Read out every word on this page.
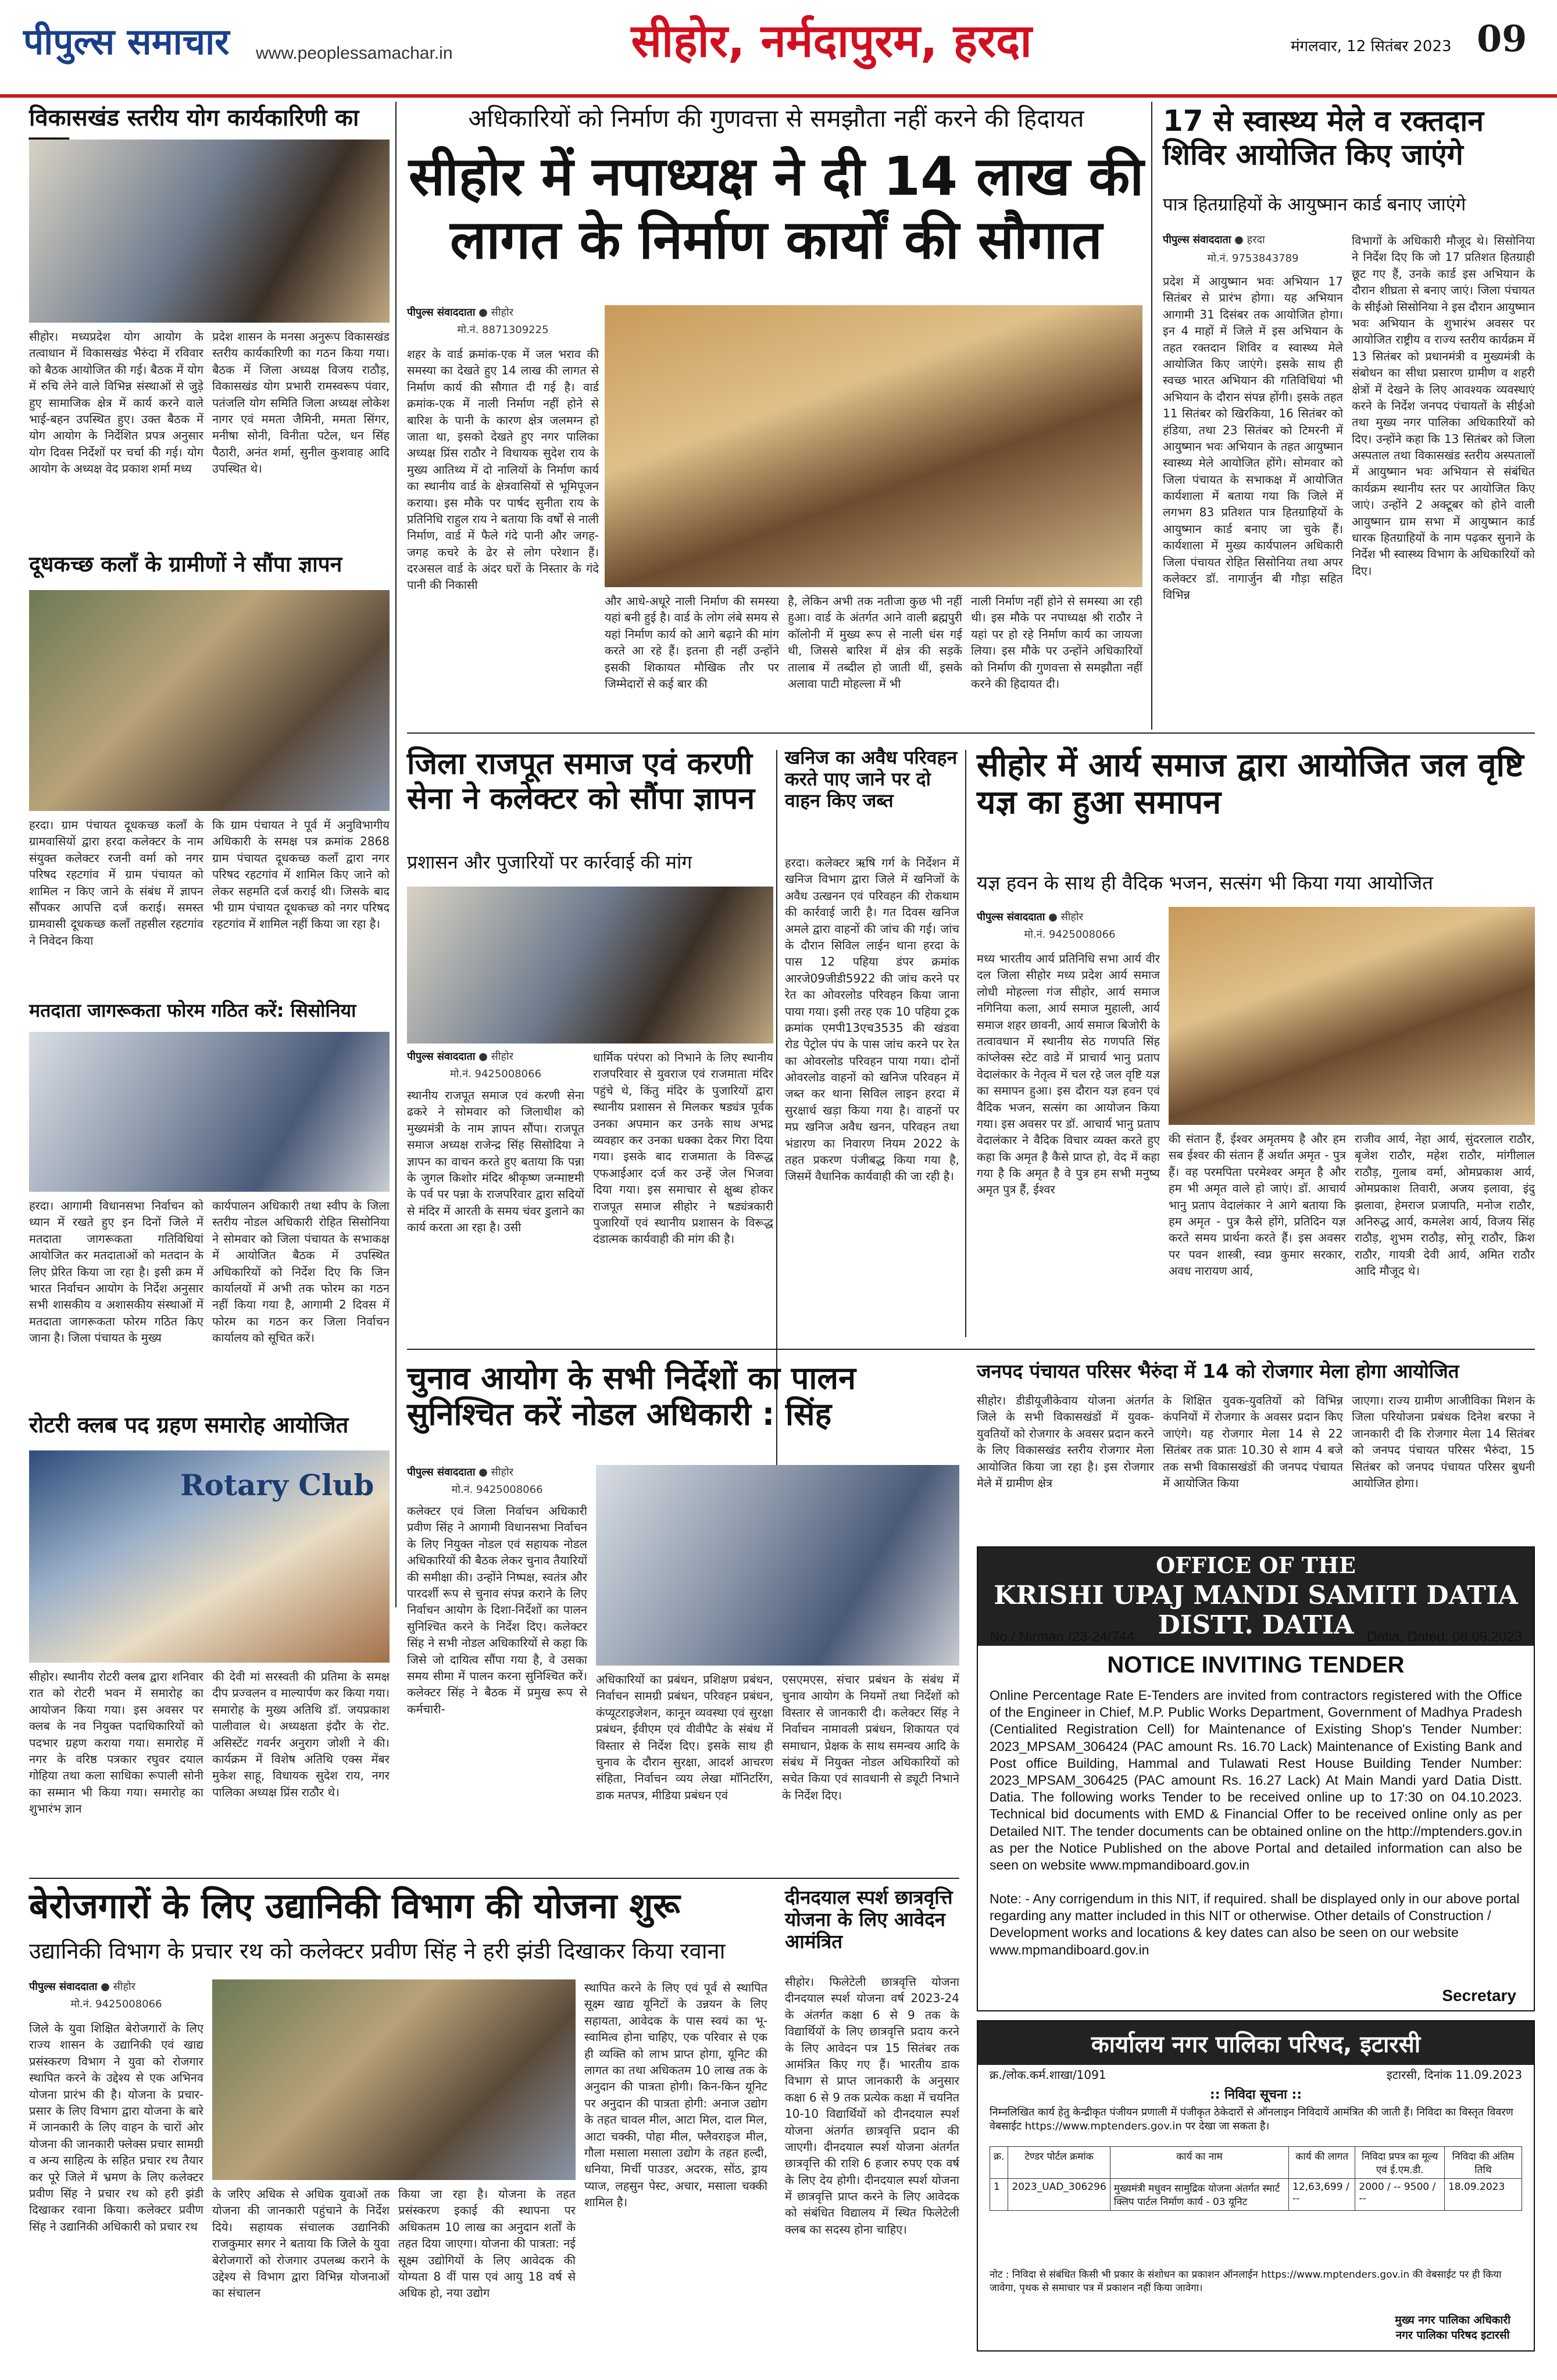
पीपुल्स समाचार www.peoplessamachar.in	सीहोर, नर्मदापुरम, हरदा	मंगलवार, 12 सितंबर 2023 09
विकासखंड स्तरीय योग कार्यकारिणी का
सीहोर। मध्यप्रदेश योग आयोग के तत्वाधान में विकासखंड भैरुंदा में रविवार को बैठक आयोजित की गई। बैठक में योग में रुचि लेने वाले विभिन्न संस्थाओं से जुड़े हुए सामाजिक क्षेत्र में कार्य करने वाले भाई-बहन उपस्थित हुए। उक्त बैठक में योग आयोग के निर्देशित प्रपत्र अनुसार योग दिवस निर्देशों पर चर्चा की गई। योग आयोग के अध्यक्ष वेद प्रकाश शर्मा मध्य
प्रदेश शासन के मनसा अनुरूप विकासखंड स्तरीय कार्यकारिणी का गठन किया गया। बैठक में जिला अध्यक्ष विजय राठौड़, विकासखंड योग प्रभारी रामस्वरूप पंवार, पतंजलि योग समिति जिला अध्यक्ष लोकेश नागर एवं ममता जैमिनी, ममता सिंगर, मनीषा सोनी, विनीता पटेल, धन सिंह पैठारी, अनंत शर्मा, सुनील कुशवाह आदि उपस्थित थे।
दूधकच्छ कलाँ के ग्रामीणों ने सौंपा ज्ञापन
हरदा। ग्राम पंचायत दूधकच्छ कलाँ के ग्रामवासियों द्वारा हरदा कलेक्टर के नाम संयुक्त कलेक्टर रजनी वर्मा को नगर परिषद रहटगांव में ग्राम पंचायत को शामिल न किए जाने के संबंध में ज्ञापन सौंपकर आपत्ति दर्ज कराई। समस्त ग्रामवासी दूधकच्छ कलाँ तहसील रहटगांव ने निवेदन किया
कि ग्राम पंचायत ने पूर्व में अनुविभागीय अधिकारी के समक्ष पत्र क्रमांक 2868 ग्राम पंचायत दूधकच्छ कलाँ द्वारा नगर परिषद रहटगांव में शामिल किए जाने को लेकर सहमति दर्ज कराई थी। जिसके बाद भी ग्राम पंचायत दूधकच्छ को नगर परिषद रहटगांव में शामिल नहीं किया जा रहा है।
मतदाता जागरूकता फोरम गठित करें: सिसोनिया
हरदा। आगामी विधानसभा निर्वाचन को ध्यान में रखते हुए इन दिनों जिले में मतदाता जागरूकता गतिविधियां आयोजित कर मतदाताओं को मतदान के लिए प्रेरित किया जा रहा है। इसी क्रम में भारत निर्वाचन आयोग के निर्देश अनुसार सभी शासकीय व अशासकीय संस्थाओं में मतदाता जागरूकता फोरम गठित किए जाना है। जिला पंचायत के मुख्य
कार्यपालन अधिकारी तथा स्वीप के जिला स्तरीय नोडल अधिकारी रोहित सिसोनिया ने सोमवार को जिला पंचायत के सभाकक्ष में आयोजित बैठक में उपस्थित अधिकारियों को निर्देश दिए कि जिन कार्यालयों में अभी तक फोरम का गठन नहीं किया गया है, आगामी 2 दिवस में फोरम का गठन कर जिला निर्वाचन कार्यालय को सूचित करें।
रोटरी क्लब पद ग्रहण समारोह आयोजित
Rotary Club
सीहोर। स्थानीय रोटरी क्लब द्वारा शनिवार रात को रोटरी भवन में समारोह का आयोजन किया गया। इस अवसर पर क्लब के नव नियुक्त पदाधिकारियों को पदभार ग्रहण कराया गया। समारोह में नगर के वरिष्ठ पत्रकार रघुवर दयाल गोहिया तथा कला साधिका रूपाली सोनी का सम्मान भी किया गया। समारोह का शुभारंभ ज्ञान
की देवी मां सरस्वती की प्रतिमा के समक्ष दीप प्रज्वलन व माल्यार्पण कर किया गया। समारोह के मुख्य अतिथि डॉ. जयप्रकाश पालीवाल थे। अध्यक्षता इंदौर के रोट. असिस्टेंट गवर्नर अनुराग जोशी ने की। कार्यक्रम में विशेष अतिथि एक्स मेंबर मुकेश साहू, विधायक सुदेश राय, नगर पालिका अध्यक्ष प्रिंस राठौर थे।
अधिकारियों को निर्माण की गुणवत्ता से समझौता नहीं करने की हिदायत
सीहोर में नपाध्यक्ष ने दी 14 लाख की लागत के निर्माण कार्यों की सौगात
पीपुल्स संवाददाता ● सीहोर
मो.नं. 8871309225
शहर के वार्ड क्रमांक-एक में जल भराव की समस्या का देखते हुए 14 लाख की लागत से निर्माण कार्य की सौगात दी गई है। वार्ड क्रमांक-एक में नाली निर्माण नहीं होने से बारिश के पानी के कारण क्षेत्र जलमग्न हो जाता था, इसको देखते हुए नगर पालिका अध्यक्ष प्रिंस राठौर ने विधायक सुदेश राय के मुख्य आतिथ्य में दो नालियों के निर्माण कार्य का स्थानीय वार्ड के क्षेत्रवासियों से भूमिपूजन कराया। इस मौके पर पार्षद सुनीता राय के प्रतिनिधि राहुल राय ने बताया कि वर्षों से नाली निर्माण, वार्ड में फैले गंदे पानी और जगह-जगह कचरे के ढेर से लोग परेशान हैं। दरअसल वार्ड के अंदर घरों के निस्तार के गंदे पानी की निकासी
और आधे-अधूरे नाली निर्माण की समस्या यहां बनी हुई है। वार्ड के लोग लंबे समय से यहां निर्माण कार्य को आगे बढ़ाने की मांग करते आ रहे हैं। इतना ही नहीं उन्होंने इसकी शिकायत मौखिक तौर पर जिम्मेदारों से कई बार की
है, लेकिन अभी तक नतीजा कुछ भी नहीं हुआ। वार्ड के अंतर्गत आने वाली ब्रह्मपुरी कॉलोनी में मुख्य रूप से नाली धंस गई थी, जिससे बारिश में क्षेत्र की सड़कें तालाब में तब्दील हो जाती थीं, इसके अलावा पाटी मोहल्ला में भी
नाली निर्माण नहीं होने से समस्या आ रही थी। इस मौके पर नपाध्यक्ष श्री राठौर ने यहां पर हो रहे निर्माण कार्य का जायजा लिया। इस मौके पर उन्होंने अधिकारियों को निर्माण की गुणवत्ता से समझौता नहीं करने की हिदायत दी।
17 से स्वास्थ्य मेले व रक्तदान शिविर आयोजित किए जाएंगे
पात्र हितग्राहियों के आयुष्मान कार्ड बनाए जाएंगे
पीपुल्स संवाददाता ● हरदा
मो.नं. 9753843789
प्रदेश में आयुष्मान भवः अभियान 17 सितंबर से प्रारंभ होगा। यह अभियान आगामी 31 दिसंबर तक आयोजित होगा। इन 4 माहों में जिले में इस अभियान के तहत रक्तदान शिविर व स्वास्थ्य मेले आयोजित किए जाएंगे। इसके साथ ही स्वच्छ भारत अभियान की गतिविधियां भी अभियान के दौरान संपन्न होंगी। इसके तहत 11 सितंबर को खिरकिया, 16 सितंबर को हंडिया, तथा 23 सितंबर को टिमरनी में आयुष्मान भवः अभियान के तहत आयुष्मान स्वास्थ्य मेले आयोजित होंगे। सोमवार को जिला पंचायत के सभाकक्ष में आयोजित कार्यशाला में बताया गया कि जिले में लगभग 83 प्रतिशत पात्र हितग्राहियों के आयुष्मान कार्ड बनाए जा चुके हैं। कार्यशाला में मुख्य कार्यपालन अधिकारी जिला पंचायत रोहित सिसोनिया तथा अपर कलेक्टर डॉ. नागार्जुन बी गौड़ा सहित विभिन्न
विभागों के अधिकारी मौजूद थे। सिसोनिया ने निर्देश दिए कि जो 17 प्रतिशत हितग्राही छूट गए हैं, उनके कार्ड इस अभियान के दौरान शीघ्रता से बनाए जाएं। जिला पंचायत के सीईओ सिसोनिया ने इस दौरान आयुष्मान भवः अभियान के शुभारंभ अवसर पर आयोजित राष्ट्रीय व राज्य स्तरीय कार्यक्रम में 13 सितंबर को प्रधानमंत्री व मुख्यमंत्री के संबोधन का सीधा प्रसारण ग्रामीण व शहरी क्षेत्रों में देखने के लिए आवश्यक व्यवस्थाएं करने के निर्देश जनपद पंचायतों के सीईओ तथा मुख्य नगर पालिका अधिकारियों को दिए। उन्होंने कहा कि 13 सितंबर को जिला अस्पताल तथा विकासखंड स्तरीय अस्पतालों में आयुष्मान भवः अभियान से संबंधित कार्यक्रम स्थानीय स्तर पर आयोजित किए जाएं। उन्होंने 2 अक्टूबर को होने वाली आयुष्मान ग्राम सभा में आयुष्मान कार्ड धारक हितग्राहियों के नाम पढ़कर सुनाने के निर्देश भी स्वास्थ्य विभाग के अधिकारियों को दिए।
जिला राजपूत समाज एवं करणी सेना ने कलेक्टर को सौंपा ज्ञापन
प्रशासन और पुजारियों पर कार्रवाई की मांग
पीपुल्स संवाददाता ● सीहोर
मो.नं. 9425008066
स्थानीय राजपूत समाज एवं करणी सेना ढकरे ने सोमवार को जिलाधीश को मुख्यमंत्री के नाम ज्ञापन सौंपा। राजपूत समाज अध्यक्ष राजेन्द्र सिंह सिसोदिया ने ज्ञापन का वाचन करते हुए बताया कि पन्ना के जुगल किशोर मंदिर श्रीकृष्ण जन्माष्टमी के पर्व पर पन्ना के राजपरिवार द्वारा सदियों से मंदिर में आरती के समय चंवर डुलाने का कार्य करता आ रहा है। उसी
धार्मिक परंपरा को निभाने के लिए स्थानीय राजपरिवार से युवराज एवं राजमाता मंदिर पहुंचे थे, किंतु मंदिर के पुजारियों द्वारा स्थानीय प्रशासन से मिलकर षड्यंत्र पूर्वक उनका अपमान कर उनके साथ अभद्र व्यवहार कर उनका धक्का देकर गिरा दिया गया। इसके बाद राजमाता के विरूद्ध एफआईआर दर्ज कर उन्हें जेल भिजवा दिया गया। इस समाचार से क्षुब्ध होकर राजपूत समाज सीहोर ने षड्यंत्रकारी पुजारियों एवं स्थानीय प्रशासन के विरूद्ध दंडात्मक कार्यवाही की मांग की है।
खनिज का अवैध परिवहन करते पाए जाने पर दो वाहन किए जब्त
हरदा। कलेक्टर ऋषि गर्ग के निर्देशन में खनिज विभाग द्वारा जिले में खनिजों के अवैध उत्खनन एवं परिवहन की रोकथाम की कार्रवाई जारी है। गत दिवस खनिज अमले द्वारा वाहनों की जांच की गई। जांच के दौरान सिविल लाईन थाना हरदा के पास 12 पहिया डंपर क्रमांक आरजे09जीडी5922 की जांच करने पर रेत का ओवरलोड परिवहन किया जाना पाया गया। इसी तरह एक 10 पहिया ट्रक क्रमांक एमपी13एच3535 की खंडवा रोड पेट्रोल पंप के पास जांच करने पर रेत का ओवरलोड परिवहन पाया गया। दोनों ओवरलोड वाहनों को खनिज परिवहन में जब्त कर थाना सिविल लाइन हरदा में सुरक्षार्थ खड़ा किया गया है। वाहनों पर मप्र खनिज अवैध खनन, परिवहन तथा भंडारण का निवारण नियम 2022 के तहत प्रकरण पंजीबद्ध किया गया है, जिसमें वैधानिक कार्यवाही की जा रही है।
सीहोर में आर्य समाज द्वारा आयोजित जल वृष्टि यज्ञ का हुआ समापन
यज्ञ हवन के साथ ही वैदिक भजन, सत्संग भी किया गया आयोजित
पीपुल्स संवाददाता ● सीहोर
मो.नं. 9425008066
मध्य भारतीय आर्य प्रतिनिधि सभा आर्य वीर दल जिला सीहोर मध्य प्रदेश आर्य समाज लोधी मोहल्ला गंज सीहोर, आर्य समाज नगिनिया कला, आर्य समाज मुहाली, आर्य समाज शहर छावनी, आर्य समाज बिजोरी के तत्वावधान में स्थानीय सेठ गणपति सिंह कांप्लेक्स स्टेट वाडे में प्राचार्य भानु प्रताप वेदालंकार के नेतृत्व में चल रहे जल वृष्टि यज्ञ का समापन हुआ। इस दौरान यज्ञ हवन एवं वैदिक भजन, सत्संग का आयोजन किया गया। इस अवसर पर डॉ. आचार्य भानु प्रताप वेदालंकार ने वैदिक विचार व्यक्त करते हुए कहा कि अमृत है कैसे प्राप्त हो, वेद में कहा गया है कि अमृत है वे पुत्र हम सभी मनुष्य अमृत पुत्र हैं, ईश्वर
की संतान हैं, ईश्वर अमृतमय है और हम सब ईश्वर की संतान हैं अर्थात अमृत - पुत्र हैं। वह परमपिता परमेश्वर अमृत है और हम भी अमृत वाले हो जाएं। डॉ. आचार्य भानु प्रताप वेदालंकार ने आगे बताया कि हम अमृत - पुत्र कैसे होंगे, प्रतिदिन यज्ञ करते समय प्रार्थना करते हैं। इस अवसर पर पवन शास्त्री, स्वप्न कुमार सरकार, अवध नारायण आर्य,
राजीव आर्य, नेहा आर्य, सुंदरलाल राठौर, बृजेश राठौर, महेश राठौर, मांगीलाल राठौड़, गुलाब वर्मा, ओमप्रकाश आर्य, ओमप्रकाश तिवारी, अजय इलावा, इंदु झलावा, हेमराज प्रजापति, मनोज राठौर, अनिरुद्ध आर्य, कमलेश आर्य, विजय सिंह राठौड़, शुभम राठौड़, सोनू राठौर, क्रिश राठौर, गायत्री देवी आर्य, अमित राठौर आदि मौजूद थे।
चुनाव आयोग के सभी निर्देशों का पालन सुनिश्चित करें नोडल अधिकारी : सिंह
पीपुल्स संवाददाता ● सीहोर
मो.नं. 9425008066
कलेक्टर एवं जिला निर्वाचन अधिकारी प्रवीण सिंह ने आगामी विधानसभा निर्वाचन के लिए नियुक्त नोडल एवं सहायक नोडल अधिकारियों की बैठक लेकर चुनाव तैयारियों की समीक्षा की। उन्होंने निष्पक्ष, स्वतंत्र और पारदर्शी रूप से चुनाव संपन्न कराने के लिए निर्वाचन आयोग के दिशा-निर्देशों का पालन सुनिश्चित करने के निर्देश दिए। कलेक्टर सिंह ने सभी नोडल अधिकारियों से कहा कि जिसे जो दायित्व सौंपा गया है, वे उसका समय सीमा में पालन करना सुनिश्चित करें। कलेक्टर सिंह ने बैठक में प्रमुख रूप से कर्मचारी-
अधिकारियों का प्रबंधन, प्रशिक्षण प्रबंधन, निर्वाचन सामग्री प्रबंधन, परिवहन प्रबंधन, कंप्यूटराइजेशन, कानून व्यवस्था एवं सुरक्षा प्रबंधन, ईवीएम एवं वीवीपैट के संबंध में विस्तार से निर्देश दिए। इसके साथ ही चुनाव के दौरान सुरक्षा, आदर्श आचरण संहिता, निर्वाचन व्यय लेखा मॉनिटरिंग, डाक मतपत्र, मीडिया प्रबंधन एवं
एसएमएस, संचार प्रबंधन के संबंध में चुनाव आयोग के नियमों तथा निर्देशों को विस्तार से जानकारी दी। कलेक्टर सिंह ने निर्वाचन नामावली प्रबंधन, शिकायत एवं समाधान, प्रेक्षक के साथ समन्वय आदि के संबंध में नियुक्त नोडल अधिकारियों को सचेत किया एवं सावधानी से ड्यूटी निभाने के निर्देश दिए।
जनपद पंचायत परिसर भैरुंदा में 14 को रोजगार मेला होगा आयोजित
सीहोर। डीडीयूजीकेवाय योजना अंतर्गत जिले के सभी विकासखंडों में युवक-युवतियों को रोजगार के अवसर प्रदान करने के लिए विकासखंड स्तरीय रोजगार मेला आयोजित किया जा रहा है। इस रोजगार मेले में ग्रामीण क्षेत्र
के शिक्षित युवक-युवतियों को विभिन्न कंपनियों में रोजगार के अवसर प्रदान किए जाएंगे। यह रोजगार मेला 14 से 22 सितंबर तक प्रातः 10.30 से शाम 4 बजे तक सभी विकासखंडों की जनपद पंचायत में आयोजित किया
जाएगा। राज्य ग्रामीण आजीविका मिशन के जिला परियोजना प्रबंधक दिनेश बरफा ने जानकारी दी कि रोजगार मेला 14 सितंबर को जनपद पंचायत परिसर भैरुंदा, 15 सितंबर को जनपद पंचायत परिसर बुधनी आयोजित होगा।
OFFICE OF THE
KRISHI UPAJ MANDI SAMITI DATIA DISTT. DATIA
No./ Nirman /23-24/744	Datia, Dated: 08.09.2023
NOTICE INVITING TENDER
Online Percentage Rate E-Tenders are invited from contractors registered with the Office of the Engineer in Chief, M.P. Public Works Department, Government of Madhya Pradesh (Centialited Registration Cell) for Maintenance of Existing Shop's Tender Number: 2023_MPSAM_306424 (PAC amount Rs. 16.70 Lack) Maintenance of Existing Bank and Post office Building, Hammal and Tulawati Rest House Building Tender Number: 2023_MPSAM_306425 (PAC amount Rs. 16.27 Lack) At Main Mandi yard Datia Distt. Datia. The following works Tender to be received online up to 17:30 on 04.10.2023. Technical bid documents with EMD & Financial Offer to be received online only as per Detailed NIT. The tender documents can be obtained online on the http://mptenders.gov.in as per the Notice Published on the above Portal and detailed information can also be seen on website www.mpmandiboard.gov.in
Note: - Any corrigendum in this NIT, if required. shall be displayed only in our above portal regarding any matter included in this NIT or otherwise. Other details of Construction / Development works and locations & key dates can also be seen on our website www.mpmandiboard.gov.in
Secretary
कार्यालय नगर पालिका परिषद, इटारसी
क्र./लोक.कर्म.शाखा/1091	इटारसी, दिनांक 11.09.2023
:: निविदा सूचना ::
निम्नलिखित कार्य हेतु केन्द्रीकृत पंजीयन प्रणाली में पंजीकृत ठेकेदारों से ऑनलाइन निविदायें आमंत्रित की जाती हैं। निविदा का विस्तृत विवरण वेबसाईट https://www.mptenders.gov.in पर देखा जा सकता है।
क्र.	टेण्डर पोर्टल क्रमांक	कार्य का नाम	कार्य की लागत	निविदा प्रपत्र का मूल्य एवं ई.एम.डी.	निविदा की अंतिम तिथि
1	2023_UAD_306296	मुख्यमंत्री मधुवन सामुद्रिक योजना अंतर्गत स्मार्ट क्लिप पार्टल निर्माण कार्य - 03 यूनिट	12,63,699 / --	2000 / -- 9500 / --	18.09.2023
नोट : निविदा से संबंधित किसी भी प्रकार के संशोधन का प्रकाशन ऑनलाईन https://www.mptenders.gov.in की वेबसाईट पर ही किया जावेगा, पृथक से समाचार पत्र में प्रकाशन नहीं किया जावेगा।
मुख्य नगर पालिका अधिकारी
नगर पालिका परिषद इटारसी
बेरोजगारों के लिए उद्यानिकी विभाग की योजना शुरू
उद्यानिकी विभाग के प्रचार रथ को कलेक्टर प्रवीण सिंह ने हरी झंडी दिखाकर किया रवाना
पीपुल्स संवाददाता ● सीहोर
मो.नं. 9425008066
जिले के युवा शिक्षित बेरोजगारों के लिए राज्य शासन के उद्यानिकी एवं खाद्य प्रसंस्करण विभाग ने युवा को रोजगार स्थापित करने के उद्देश्य से एक अभिनव योजना प्रारंभ की है। योजना के प्रचार-प्रसार के लिए विभाग द्वारा योजना के बारे में जानकारी के लिए वाहन के चारों ओर योजना की जानकारी फ्लेक्स प्रचार सामग्री व अन्य साहित्य के सहित प्रचार रथ तैयार कर पूरे जिले में भ्रमण के लिए कलेक्टर प्रवीण सिंह ने प्रचार रथ को हरी झंडी दिखाकर रवाना किया। कलेक्टर प्रवीण सिंह ने उद्यानिकी अधिकारी को प्रचार रथ
के जरिए अधिक से अधिक युवाओं तक योजना की जानकारी पहुंचाने के निर्देश दिये। सहायक संचालक उद्यानिकी राजकुमार सगर ने बताया कि जिले के युवा बेरोजगारों को रोजगार उपलब्ध कराने के उद्देश्य से विभाग द्वारा विभिन्न योजनाओं का संचालन
किया जा रहा है। योजना के तहत प्रसंस्करण इकाई की स्थापना पर अधिकतम 10 लाख का अनुदान शर्तों के तहत दिया जाएगा। योजना की पात्रता: नई सूक्ष्म उद्योगियों के लिए आवेदक की योग्यता 8 वीं पास एवं आयु 18 वर्ष से अधिक हो, नया उद्योग
स्थापित करने के लिए एवं पूर्व से स्थापित सूक्ष्म खाद्य यूनिटों के उन्नयन के लिए सहायता, आवेदक के पास स्वयं का भू- स्वामित्व होना चाहिए, एक परिवार से एक ही व्यक्ति को लाभ प्राप्त होगा, यूनिट की लागत का तथा अधिकतम 10 लाख तक के अनुदान की पात्रता होगी। किन-किन यूनिट पर अनुदान की पात्रता होगी: अनाज उद्योग के तहत चावल मील, आटा मिल, दाल मिल, आटा चक्की, पोहा मील, फ्लैवराइज मील, गौला मसाला मसाला उद्योग के तहत हल्दी, धनिया, मिर्ची पाउडर, अदरक, सोंठ, ड्राय प्याज, लहसुन पेस्ट, अचार, मसाला चक्की शामिल है।
दीनदयाल स्पर्श छात्रवृत्ति योजना के लिए आवेदन आमंत्रित
सीहोर। फिलेटेली छात्रवृत्ति योजना दीनदयाल स्पर्श योजना वर्ष 2023-24 के अंतर्गत कक्षा 6 से 9 तक के विद्यार्थियों के लिए छात्रवृत्ति प्रदाय करने के लिए आवेदन पत्र 15 सितंबर तक आमंत्रित किए गए हैं। भारतीय डाक विभाग से प्राप्त जानकारी के अनुसार कक्षा 6 से 9 तक प्रत्येक कक्षा में चयनित 10-10 विद्यार्थियों को दीनदयाल स्पर्श योजना अंतर्गत छात्रवृत्ति प्रदान की जाएगी। दीनदयाल स्पर्श योजना अंतर्गत छात्रवृत्ति की राशि 6 हजार रुपए एक वर्ष के लिए देय होगी। दीनदयाल स्पर्श योजना में छात्रवृत्ति प्राप्त करने के लिए आवेदक को संबंधित विद्यालय में स्थित फिलेटेली क्लब का सदस्य होना चाहिए।
